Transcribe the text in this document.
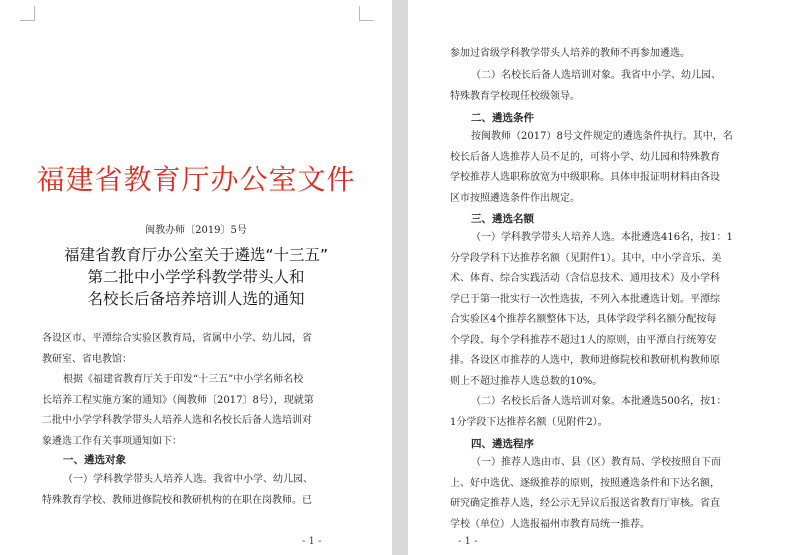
福建省教育厅办公室文件
闽教办师〔2019〕5号
福建省教育厅办公室关于遴选“十三五”
第二批中小学学科教学带头人和
名校长后备培养培训人选的通知
各设区市、平潭综合实验区教育局，省属中小学、幼儿园，省
教研室、省电教馆：
根据《福建省教育厅关于印发“十三五”中小学名师名校
长培养工程实施方案的通知》（闽教师〔2017〕8号），现就第
二批中小学学科教学带头人培养人选和名校长后备人选培训对
象遴选工作有关事项通知如下：
一、遴选对象
（一）学科教学带头人培养人选。我省中小学、幼儿园、
特殊教育学校、教师进修院校和教研机构的在职在岗教师。已
- 1 -
参加过省级学科教学带头人培养的教师不再参加遴选。
（二）名校长后备人选培训对象。我省中小学、幼儿园、
特殊教育学校现任校级领导。
二、遴选条件
按闽教师（2017）8号文件规定的遴选条件执行。其中，名
校长后备人选推荐人员不足的，可将小学、幼儿园和特殊教育
学校推荐人选职称放宽为中级职称。具体申报证明材料由各设
区市按照遴选条件作出规定。
三、遴选名额
（一）学科教学带头人培养人选。本批遴选416名，按1：1
分学段学科下达推荐名额（见附件1）。其中，中小学音乐、美
术、体育、综合实践活动（含信息技术、通用技术）及小学科
学已于第一批实行一次性选拔，不列入本批遴选计划。平潭综
合实验区4个推荐名额整体下达，具体学段学科名额分配按每
个学段、每个学科推荐不超过1人的原则，由平潭自行统筹安
排。各设区市推荐的人选中，教师进修院校和教研机构教师原
则上不超过推荐人选总数的10%。
（二）名校长后备人选培训对象。本批遴选500名，按1：
1分学段下达推荐名额（见附件2）。
四、遴选程序
（一）推荐人选由市、县（区）教育局、学校按照自下而
上、好中选优、逐级推荐的原则，按照遴选条件和下达名额，
研究确定推荐人选，经公示无异议后报送省教育厅审核。省直
学校（单位）人选报福州市教育局统一推荐。
- 1 -
